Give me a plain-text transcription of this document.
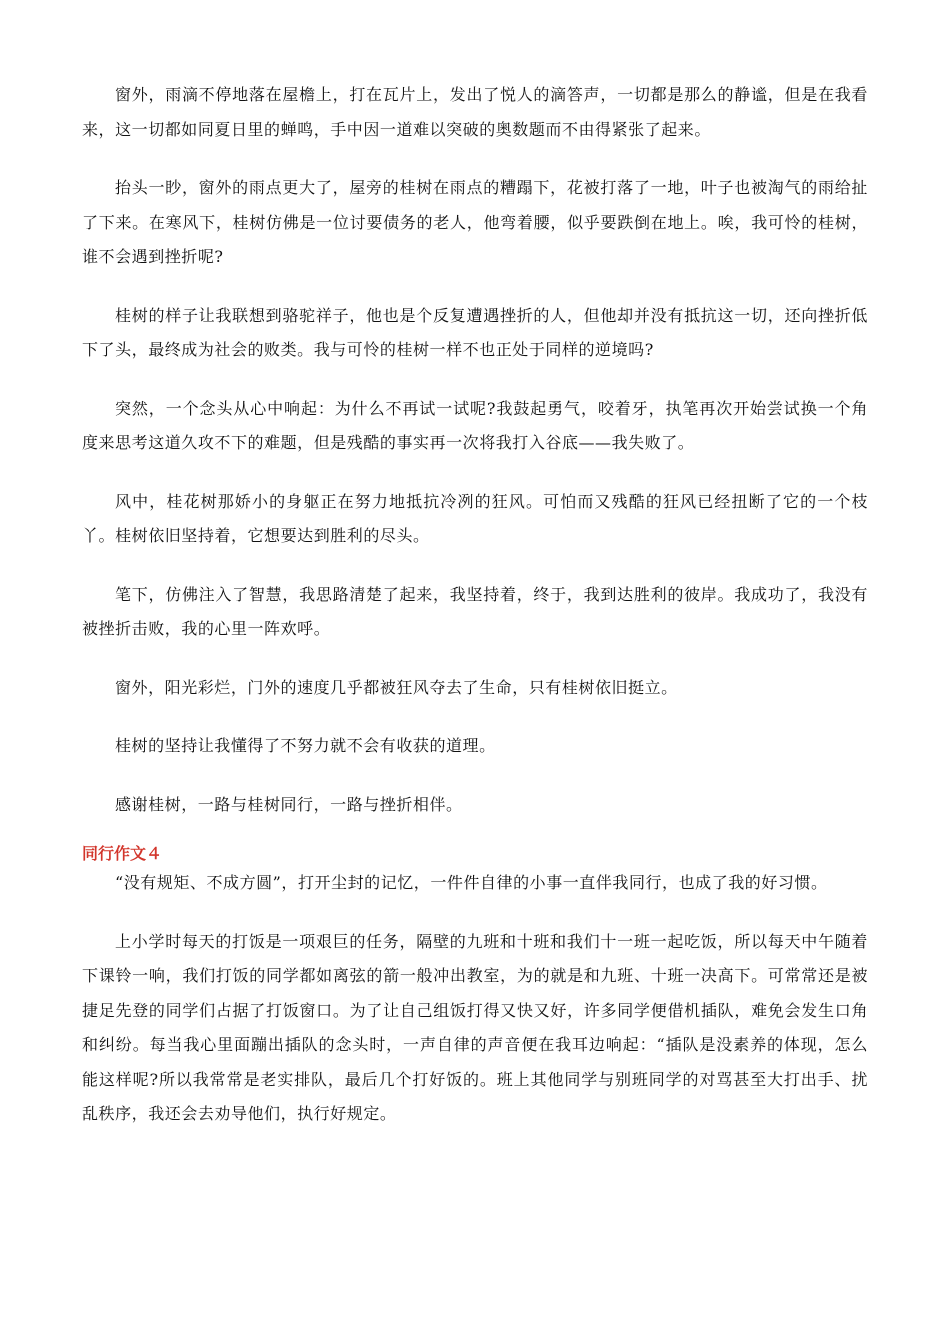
窗外，雨滴不停地落在屋檐上，打在瓦片上，发出了悦人的滴答声，一切都是那么的静谧，但是在我看来，这一切都如同夏日里的蝉鸣，手中因一道难以突破的奥数题而不由得紧张了起来。

抬头一眇，窗外的雨点更大了，屋旁的桂树在雨点的糟蹋下，花被打落了一地，叶子也被淘气的雨给扯了下来。在寒风下，桂树仿佛是一位讨要债务的老人，他弯着腰，似乎要跌倒在地上。唉，我可怜的桂树，谁不会遇到挫折呢?

桂树的样子让我联想到骆驼祥子，他也是个反复遭遇挫折的人，但他却并没有抵抗这一切，还向挫折低下了头，最终成为社会的败类。我与可怜的桂树一样不也正处于同样的逆境吗?

突然，一个念头从心中响起：为什么不再试一试呢?我鼓起勇气，咬着牙，执笔再次开始尝试换一个角度来思考这道久攻不下的难题，但是残酷的事实再一次将我打入谷底——我失败了。

风中，桂花树那娇小的身躯正在努力地抵抗冷冽的狂风。可怕而又残酷的狂风已经扭断了它的一个枝丫。桂树依旧坚持着，它想要达到胜利的尽头。

笔下，仿佛注入了智慧，我思路清楚了起来，我坚持着，终于，我到达胜利的彼岸。我成功了，我没有被挫折击败，我的心里一阵欢呼。

窗外，阳光彩烂，门外的速度几乎都被狂风夺去了生命，只有桂树依旧挺立。

桂树的坚持让我懂得了不努力就不会有收获的道理。

感谢桂树，一路与桂树同行，一路与挫折相伴。

同行作文４

“没有规矩、不成方圆”，打开尘封的记忆，一件件自律的小事一直伴我同行，也成了我的好习惯。

上小学时每天的打饭是一项艰巨的任务，隔壁的九班和十班和我们十一班一起吃饭，所以每天中午随着下课铃一响，我们打饭的同学都如离弦的箭一般冲出教室，为的就是和九班、十班一决高下。可常常还是被捷足先登的同学们占据了打饭窗口。为了让自己组饭打得又快又好，许多同学便借机插队，难免会发生口角和纠纷。每当我心里面蹦出插队的念头时，一声自律的声音便在我耳边响起：“插队是没素养的体现，怎么能这样呢?所以我常常是老实排队，最后几个打好饭的。班上其他同学与别班同学的对骂甚至大打出手、扰乱秩序，我还会去劝导他们，执行好规定。
